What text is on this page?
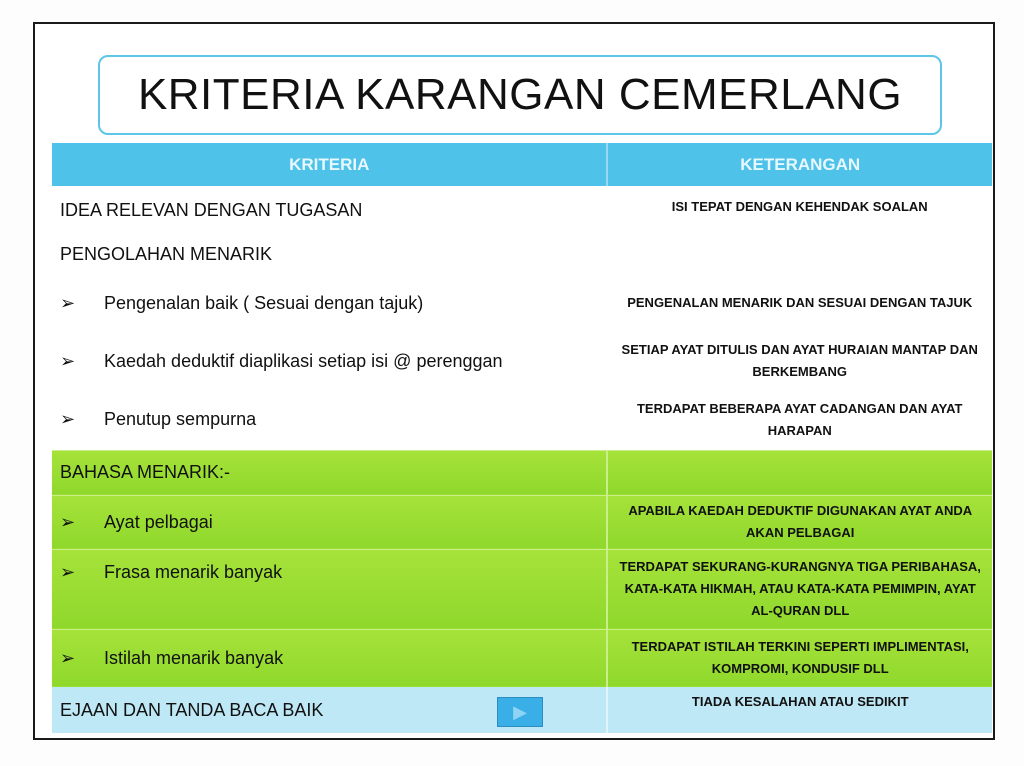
KRITERIA KARANGAN CEMERLANG
KRITERIA	KETERANGAN
IDEA RELEVAN DENGAN TUGASAN	ISI TEPAT DENGAN KEHENDAK SOALAN
PENGOLAHAN MENARIK	
➢ Pengenalan baik ( Sesuai dengan tajuk)	PENGENALAN MENARIK DAN SESUAI DENGAN TAJUK
➢ Kaedah deduktif diaplikasi setiap isi @ perenggan	SETIAP AYAT DITULIS DAN AYAT HURAIAN MANTAP DAN BERKEMBANG
➢ Penutup sempurna	TERDAPAT BEBERAPA AYAT CADANGAN DAN AYAT HARAPAN
BAHASA MENARIK:-	
➢ Ayat pelbagai	APABILA KAEDAH DEDUKTIF DIGUNAKAN AYAT ANDA AKAN PELBAGAI
➢ Frasa menarik banyak	TERDAPAT SEKURANG-KURANGNYA TIGA PERIBAHASA, KATA-KATA HIKMAH, ATAU KATA-KATA PEMIMPIN, AYAT AL-QURAN DLL
➢ Istilah menarik banyak	TERDAPAT ISTILAH TERKINI SEPERTI IMPLIMENTASI, KOMPROMI, KONDUSIF DLL
EJAAN DAN TANDA BACA BAIK	TIADA KESALAHAN ATAU SEDIKIT
▶
